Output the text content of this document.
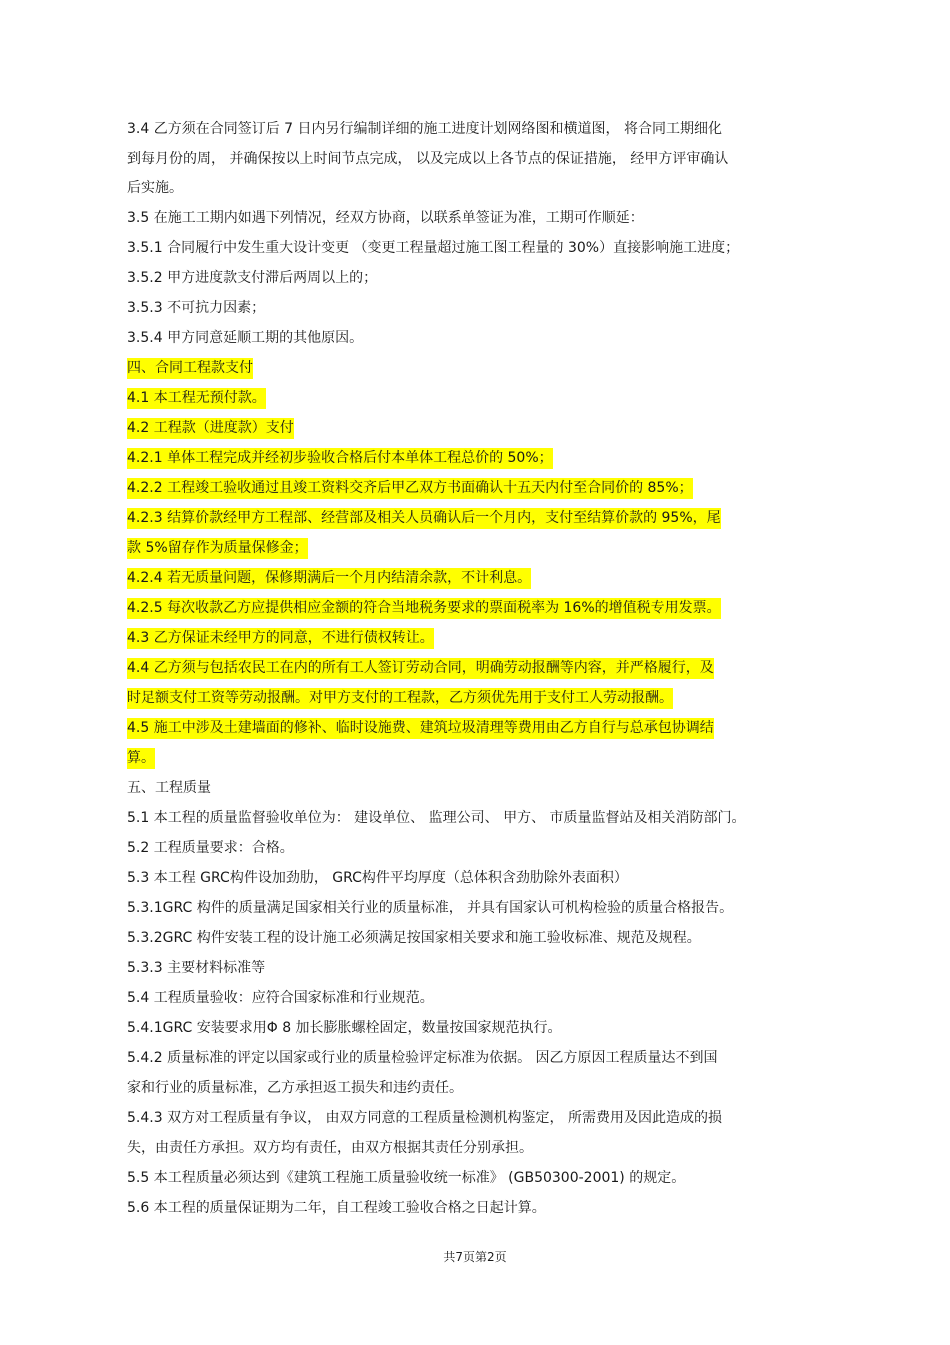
3.4 乙方须在合同签订后 7 日内另行编制详细的施工进度计划网络图和横道图， 将合同工期细化
到每月份的周， 并确保按以上时间节点完成， 以及完成以上各节点的保证措施， 经甲方评审确认
后实施。
3.5 在施工工期内如遇下列情况，经双方协商，以联系单签证为准，工期可作顺延：
3.5.1 合同履行中发生重大设计变更 （变更工程量超过施工图工程量的 30%）直接影响施工进度；
3.5.2 甲方进度款支付滞后两周以上的；
3.5.3 不可抗力因素；
3.5.4 甲方同意延顺工期的其他原因。
四、合同工程款支付
4.1 本工程无预付款。
4.2 工程款（进度款）支付
4.2.1 单体工程完成并经初步验收合格后付本单体工程总价的 50%；
4.2.2 工程竣工验收通过且竣工资料交齐后甲乙双方书面确认十五天内付至合同价的 85%；
4.2.3 结算价款经甲方工程部、经营部及相关人员确认后一个月内，支付至结算价款的 95%，尾
款 5%留存作为质量保修金；
4.2.4 若无质量问题，保修期满后一个月内结清余款，不计利息。
4.2.5 每次收款乙方应提供相应金额的符合当地税务要求的票面税率为 16%的增值税专用发票。
4.3 乙方保证未经甲方的同意，不进行债权转让。
4.4 乙方须与包括农民工在内的所有工人签订劳动合同，明确劳动报酬等内容，并严格履行，及
时足额支付工资等劳动报酬。对甲方支付的工程款，乙方须优先用于支付工人劳动报酬。
4.5 施工中涉及土建墙面的修补、临时设施费、建筑垃圾清理等费用由乙方自行与总承包协调结
算。
五、工程质量
5.1 本工程的质量监督验收单位为： 建设单位、 监理公司、 甲方、 市质量监督站及相关消防部门。
5.2 工程质量要求：合格。
5.3 本工程 GRC构件设加劲肋， GRC构件平均厚度（总体积含劲肋除外表面积）
5.3.1GRC 构件的质量满足国家相关行业的质量标准， 并具有国家认可机构检验的质量合格报告。
5.3.2GRC 构件安装工程的设计施工必须满足按国家相关要求和施工验收标准、规范及规程。
5.3.3 主要材料标准等
5.4 工程质量验收：应符合国家标准和行业规范。
5.4.1GRC 安装要求用Φ 8 加长膨胀螺栓固定，数量按国家规范执行。
5.4.2 质量标准的评定以国家或行业的质量检验评定标准为依据。 因乙方原因工程质量达不到国
家和行业的质量标准，乙方承担返工损失和违约责任。
5.4.3 双方对工程质量有争议， 由双方同意的工程质量检测机构鉴定， 所需费用及因此造成的损
失，由责任方承担。双方均有责任，由双方根据其责任分别承担。
5.5 本工程质量必须达到《建筑工程施工质量验收统一标准》 (GB50300-2001) 的规定。
5.6 本工程的质量保证期为二年，自工程竣工验收合格之日起计算。
共7页第2页
